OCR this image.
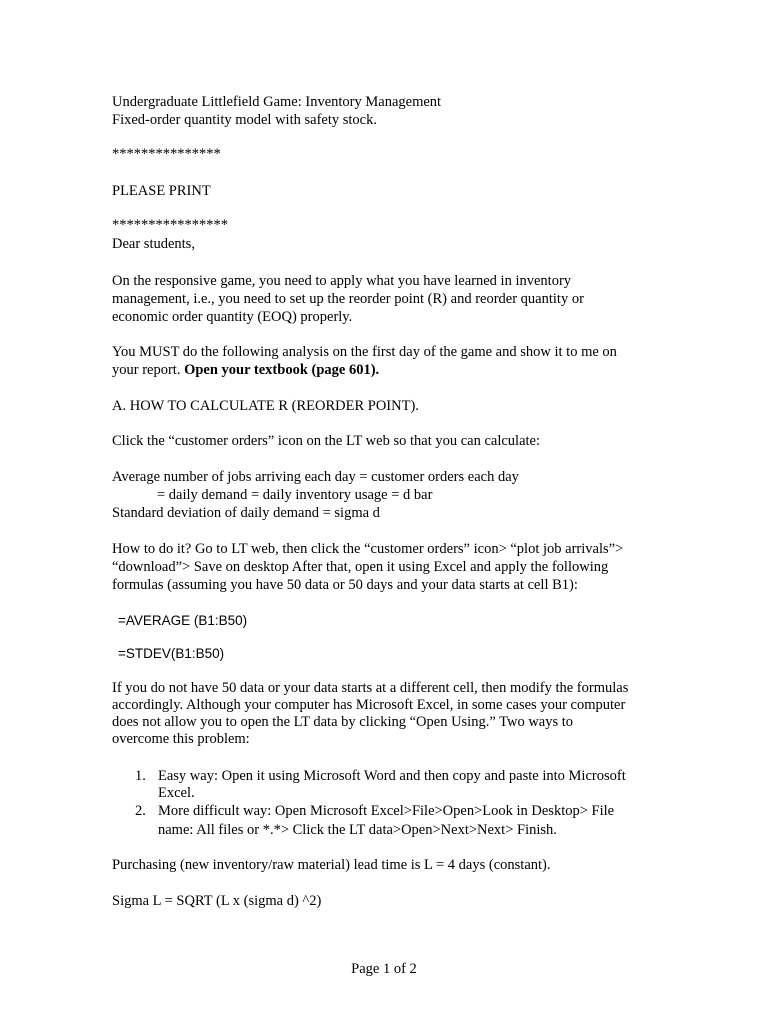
Undergraduate Littlefield Game: Inventory Management
Fixed-order quantity model with safety stock.
***************
PLEASE PRINT
****************
Dear students,
On the responsive game, you need to apply what you have learned in inventory
management, i.e., you need to set up the reorder point (R) and reorder quantity or
economic order quantity (EOQ) properly.
You MUST do the following analysis on the first day of the game and show it to me on
your report. Open your textbook (page 601).
A. HOW TO CALCULATE R (REORDER POINT).
Click the “customer orders” icon on the LT web so that you can calculate:
Average number of jobs arriving each day = customer orders each day
= daily demand = daily inventory usage = d bar
Standard deviation of daily demand = sigma d
How to do it? Go to LT web, then click the “customer orders” icon> “plot job arrivals”>
“download”> Save on desktop After that, open it using Excel and apply the following
formulas (assuming you have 50 data or 50 days and your data starts at cell B1):
=AVERAGE (B1:B50)
=STDEV(B1:B50)
If you do not have 50 data or your data starts at a different cell, then modify the formulas
accordingly. Although your computer has Microsoft Excel, in some cases your computer
does not allow you to open the LT data by clicking “Open Using.” Two ways to
overcome this problem:
1. Easy way: Open it using Microsoft Word and then copy and paste into Microsoft
Excel.
2. More difficult way: Open Microsoft Excel>File>Open>Look in Desktop> File
name: All files or *.*> Click the LT data>Open>Next>Next> Finish.
Purchasing (new inventory/raw material) lead time is L = 4 days (constant).
Sigma L = SQRT (L x (sigma d) ^2)
Page 1 of 2
